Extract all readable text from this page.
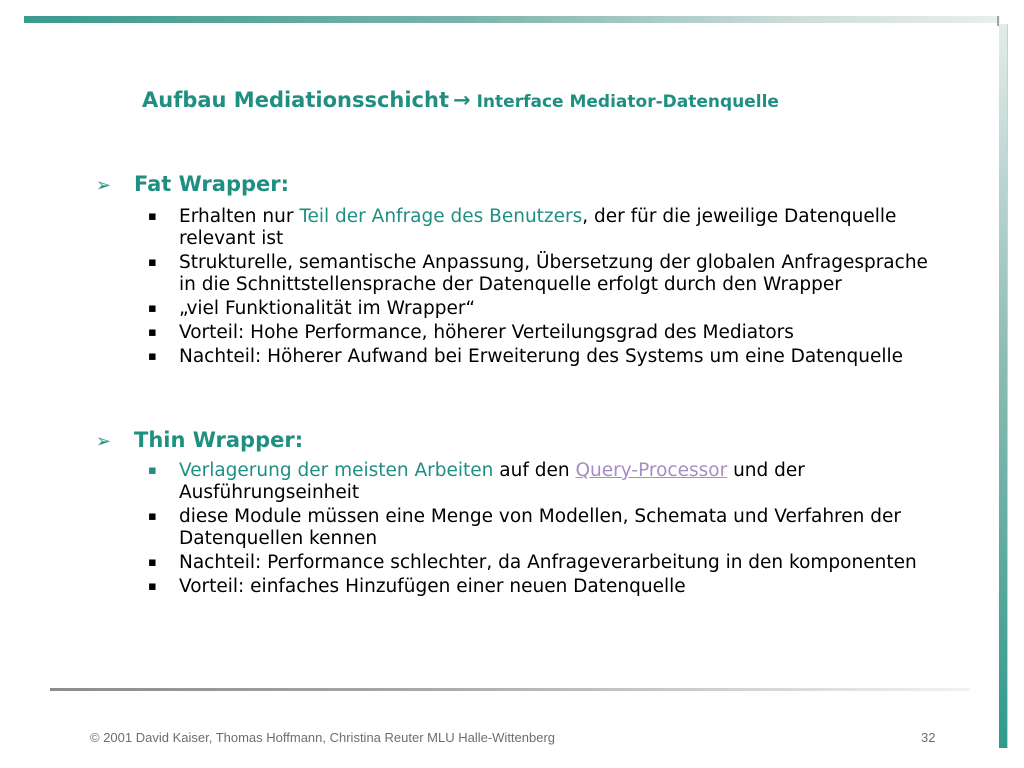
Aufbau Mediationsschicht → Interface Mediator-Datenquelle
➢ Fat Wrapper:
▪ Erhalten nur Teil der Anfrage des Benutzers, der für die jeweilige Datenquelle relevant ist
▪ Strukturelle, semantische Anpassung, Übersetzung der globalen Anfragesprache in die Schnittstellensprache der Datenquelle erfolgt durch den Wrapper
▪ „viel Funktionalität im Wrapper“
▪ Vorteil: Hohe Performance, höherer Verteilungsgrad des Mediators
▪ Nachteil: Höherer Aufwand bei Erweiterung des Systems um eine Datenquelle
➢ Thin Wrapper:
▪ Verlagerung der meisten Arbeiten auf den Query-Processor und der Ausführungseinheit
▪ diese Module müssen eine Menge von Modellen, Schemata und Verfahren der Datenquellen kennen
▪ Nachteil: Performance schlechter, da Anfrageverarbeitung in den komponenten
▪ Vorteil: einfaches Hinzufügen einer neuen Datenquelle
© 2001 David Kaiser, Thomas Hoffmann, Christina Reuter MLU Halle-Wittenberg	32
